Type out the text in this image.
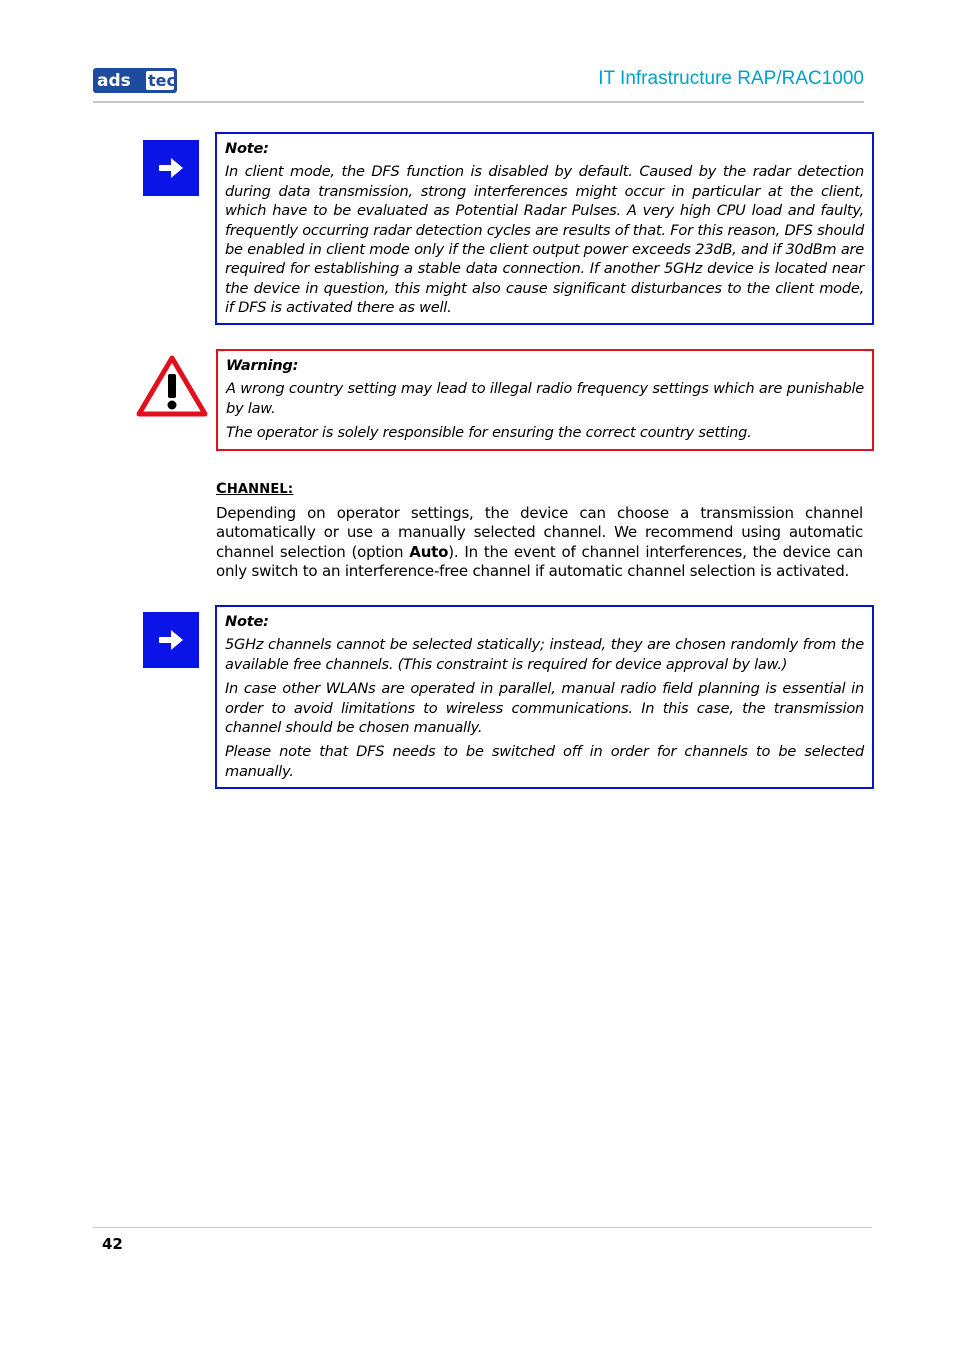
ads tec	IT Infrastructure RAP/RAC1000
Note:

In client mode, the DFS function is disabled by default. Caused by the radar detection during data transmission, strong interferences might occur in particular at the client, which have to be evaluated as Potential Radar Pulses. A very high CPU load and faulty, frequently occurring radar detection cycles are results of that. For this reason, DFS should be enabled in client mode only if the client output power exceeds 23dB, and if 30dBm are required for establishing a stable data connection. If another 5GHz device is located near the device in question, this might also cause significant disturbances to the client mode, if DFS is activated there as well.

Warning:

A wrong country setting may lead to illegal radio frequency settings which are punishable by law.

The operator is solely responsible for ensuring the correct country setting.

CHANNEL:
Depending on operator settings, the device can choose a transmission channel automatically or use a manually selected channel. We recommend using automatic channel selection (option Auto). In the event of channel interferences, the device can only switch to an interference-free channel if automatic channel selection is activated.
Note:

5GHz channels cannot be selected statically; instead, they are chosen randomly from the available free channels. (This constraint is required for device approval by law.)

In case other WLANs are operated in parallel, manual radio field planning is essential in order to avoid limitations to wireless communications. In this case, the transmission channel should be chosen manually.

Please note that DFS needs to be switched off in order for channels to be selected manually.

42
